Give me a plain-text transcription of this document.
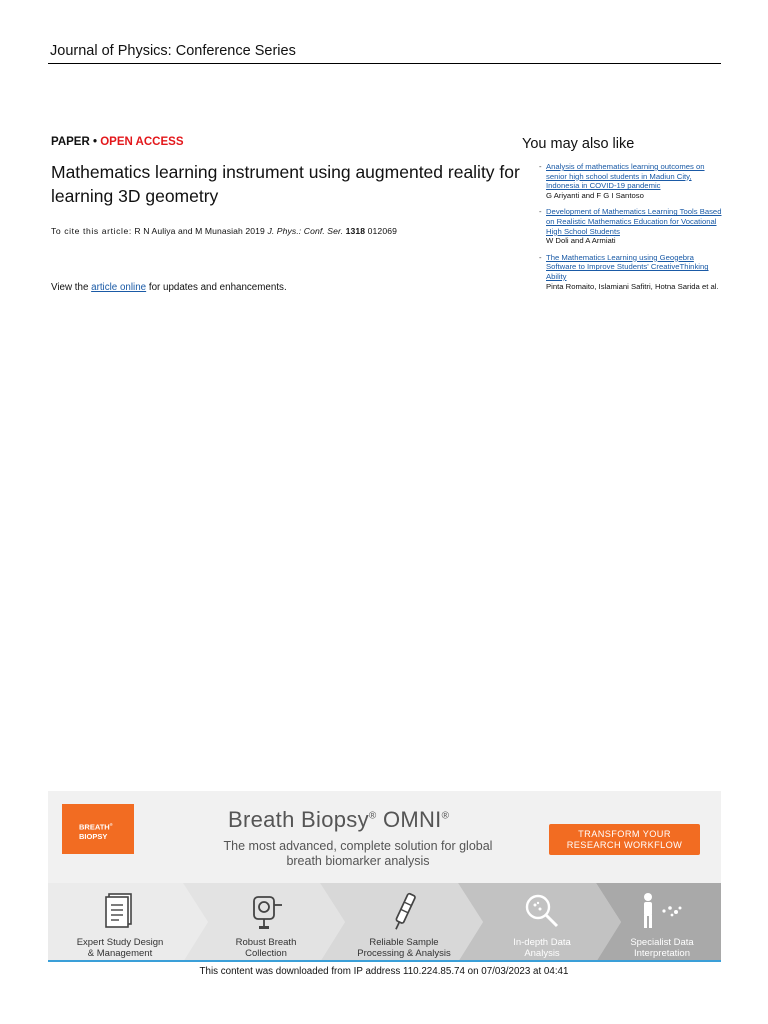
Journal of Physics: Conference Series
PAPER • OPEN ACCESS
Mathematics learning instrument using augmented reality for learning 3D geometry
To cite this article: R N Auliya and M Munasiah 2019 J. Phys.: Conf. Ser. 1318 012069
View the article online for updates and enhancements.
You may also like
- Analysis of mathematics learning outcomes on senior high school students in Madiun City, Indonesia in COVID-19 pandemic
G Ariyanti and F G I Santoso
- Development of Mathematics Learning Tools Based on Realistic Mathematics Education for Vocational High School Students
W Doli and A Armiati
- The Mathematics Learning using Geogebra Software to Improve Students' CreativeThinking Ability
Pinta Romaito, Islamiani Safitri, Hotna Sarida et al.
BREATH®
BIOPSY
Breath Biopsy® OMNI®
The most advanced, complete solution for global breath biomarker analysis
TRANSFORM YOUR
RESEARCH WORKFLOW
Expert Study Design
& Management
Robust Breath
Collection
Reliable Sample
Processing & Analysis
In-depth Data
Analysis
Specialist Data
Interpretation
This content was downloaded from IP address 110.224.85.74 on 07/03/2023 at 04:41
